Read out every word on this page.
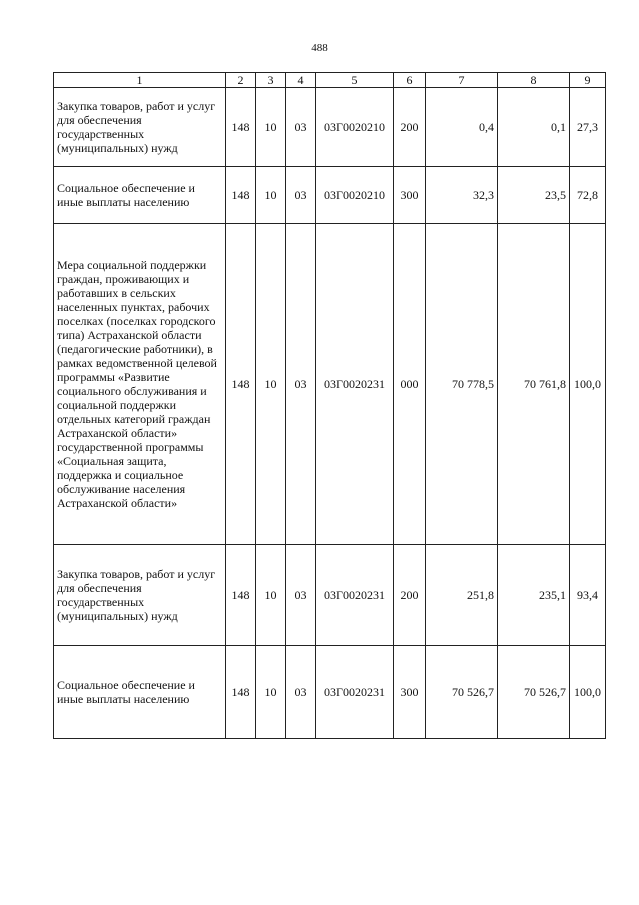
488
1	2	3	4	5	6	7	8	9
Закупка товаров, работ и услуг для обеспечения государственных (муниципальных) нужд	148	10	03	03Г0020210	200	0,4	0,1	27,3
Социальное обеспечение и иные выплаты населению	148	10	03	03Г0020210	300	32,3	23,5	72,8
Мера социальной поддержки граждан, проживающих и работавших в сельских населенных пунктах, рабочих поселках (поселках городского типа) Астраханской области (педагогические работники), в рамках ведомственной целевой программы «Развитие социального обслуживания и социальной поддержки отдельных категорий граждан Астраханской области» государственной программы «Социальная защита, поддержка и социальное обслуживание населения Астраханской области»	148	10	03	03Г0020231	000	70 778,5	70 761,8	100,0
Закупка товаров, работ и услуг для обеспечения государственных (муниципальных) нужд	148	10	03	03Г0020231	200	251,8	235,1	93,4
Социальное обеспечение и иные выплаты населению	148	10	03	03Г0020231	300	70 526,7	70 526,7	100,0
